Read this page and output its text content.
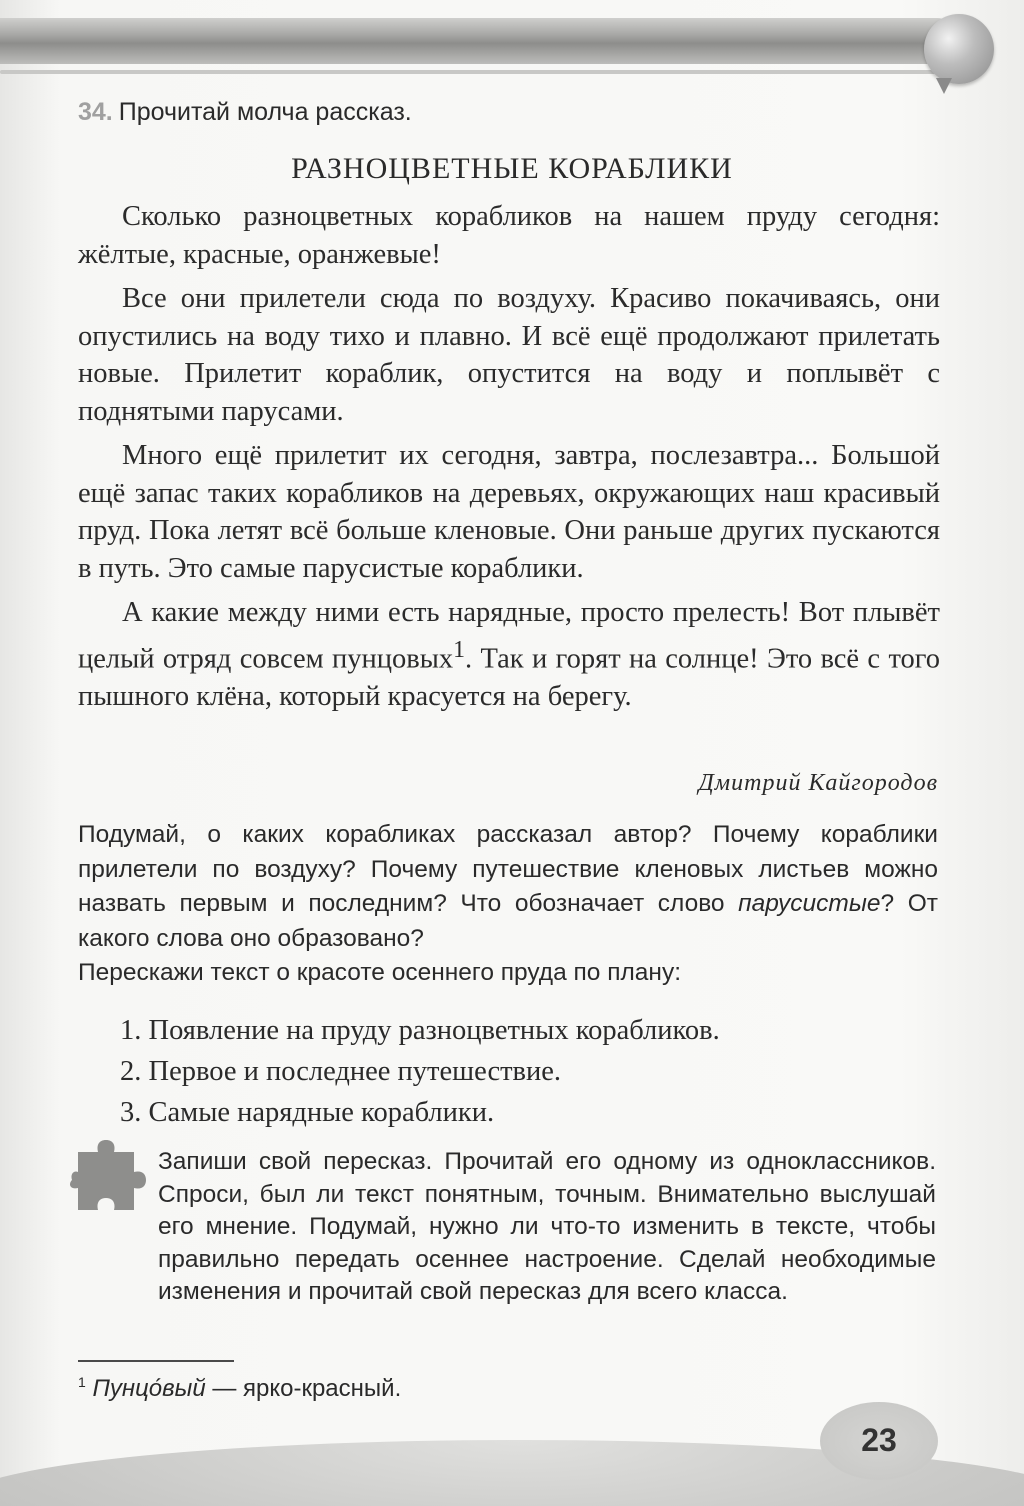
34. Прочитай молча рассказ.
РАЗНОЦВЕТНЫЕ КОРАБЛИКИ

Сколько разноцветных корабликов на нашем пруду сегодня: жёлтые, красные, оранжевые!

Все они прилетели сюда по воздуху. Красиво покачиваясь, они опустились на воду тихо и плавно. И всё ещё продолжают прилетать новые. Прилетит кораблик, опустится на воду и поплывёт с поднятыми парусами.

Много ещё прилетит их сегодня, завтра, послезавтра... Большой ещё запас таких корабликов на деревьях, окружающих наш красивый пруд. Пока летят всё больше кленовые. Они раньше других пускаются в путь. Это самые парусистые кораблики.

А какие между ними есть нарядные, просто прелесть! Вот плывёт целый отряд совсем пунцовых$^1$. Так и горят на солнце! Это всё с того пышного клёна, который красуется на берегу.

Дмитрий Кайгородов

Подумай, о каких корабликах рассказал автор? Почему кораблики прилетели по воздуху? Почему путешествие кленовых листьев можно назвать первым и последним? Что обозначает слово парусистые? От какого слова оно образовано?

Перескажи текст о красоте осеннего пруда по плану:

1. Появление на пруду разноцветных корабликов.
2. Первое и последнее путешествие.
3. Самые нарядные кораблики.
Запиши свой пересказ. Прочитай его одному из одноклассников. Спроси, был ли текст понятным, точным. Внимательно выслушай его мнение. Подумай, нужно ли что-то изменить в тексте, чтобы правильно передать осеннее настроение. Сделай необходимые изменения и прочитай свой пересказ для всего класса.
$^1$ Пунцо́вый — ярко-красный.
23
